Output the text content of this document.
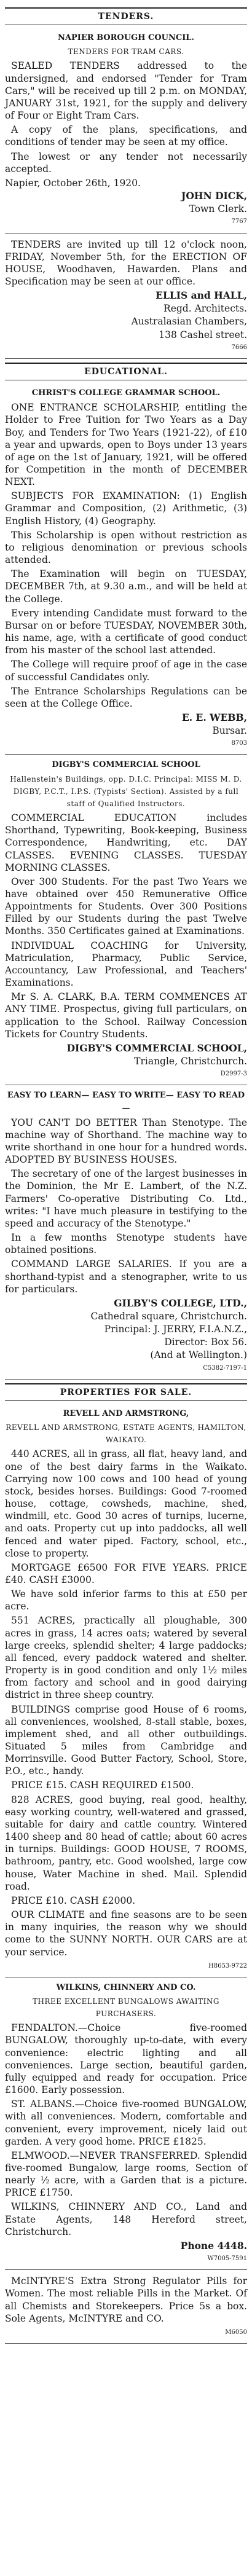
TENDERS.
NAPIER BOROUGH COUNCIL.
TENDERS FOR TRAM CARS.
SEALED TENDERS addressed to the undersigned, and endorsed "Tender for Tram Cars," will be received up till 2 p.m. on MONDAY, JANUARY 31st, 1921, for the supply and delivery of Four or Eight Tram Cars.
A copy of the plans, specifications, and conditions of tender may be seen at my office.
The lowest or any tender not necessarily accepted.
Napier, October 26th, 1920.
JOHN DICK,
Town Clerk.
7767
TENDERS are invited up till 12 o'clock noon, FRIDAY, November 5th, for the ERECTION OF HOUSE, Woodhaven, Hawarden. Plans and Specification may be seen at our office.
ELLIS and HALL,
Regd. Architects.
Australasian Chambers,
138 Cashel street.
7666
EDUCATIONAL.
CHRIST'S COLLEGE GRAMMAR SCHOOL.
ONE ENTRANCE SCHOLARSHIP, entitling the Holder to Free Tuition for Two Years as a Day Boy, and Tenders for Two Years (1921-22), of £10 a year and upwards, open to Boys under 13 years of age on the 1st of January, 1921, will be offered for Competition in the month of DECEMBER NEXT.
SUBJECTS FOR EXAMINATION: (1) English Grammar and Composition, (2) Arithmetic, (3) English History, (4) Geography.
This Scholarship is open without restriction as to religious denomination or previous schools attended.
The Examination will begin on TUESDAY, DECEMBER 7th, at 9.30 a.m., and will be held at the College.
Every intending Candidate must forward to the Bursar on or before TUESDAY, NOVEMBER 30th, his name, age, with a certificate of good conduct from his master of the school last attended.
The College will require proof of age in the case of successful Candidates only.
The Entrance Scholarships Regulations can be seen at the College Office.
E. E. WEBB,
Bursar.
8703
DIGBY'S COMMERCIAL SCHOOL
Hallenstein's Buildings, opp. D.I.C. Principal: MISS M. D. DIGBY, P.C.T., I.P.S. (Typists' Section). Assisted by a full staff of Qualified Instructors.
COMMERCIAL EDUCATION includes Shorthand, Typewriting, Book-keeping, Business Correspondence, Handwriting, etc. DAY CLASSES. EVENING CLASSES. TUESDAY MORNING CLASSES.
Over 300 Students. For the past Two Years we have obtained over 450 Remunerative Office Appointments for Students. Over 300 Positions Filled by our Students during the past Twelve Months. 350 Certificates gained at Examinations.
INDIVIDUAL COACHING for University, Matriculation, Pharmacy, Public Service, Accountancy, Law Professional, and Teachers' Examinations.
Mr S. A. CLARK, B.A. TERM COMMENCES AT ANY TIME. Prospectus, giving full particulars, on application to the School. Railway Concession Tickets for Country Students.
DIGBY'S COMMERCIAL SCHOOL,
Triangle, Christchurch.
D2997-3
EASY TO LEARN— EASY TO WRITE— EASY TO READ—
YOU CAN'T DO BETTER Than Stenotype. The machine way of Shorthand. The machine way to write shorthand in one hour for a hundred words. ADOPTED BY BUSINESS HOUSES.
The secretary of one of the largest businesses in the Dominion, the Mr E. Lambert, of the N.Z. Farmers' Co-operative Distributing Co. Ltd., writes: "I have much pleasure in testifying to the speed and accuracy of the Stenotype."
In a few months Stenotype students have obtained positions.
COMMAND LARGE SALARIES. If you are a shorthand-typist and a stenographer, write to us for particulars.
GILBY'S COLLEGE, LTD.,
Cathedral square, Christchurch.
Principal: J. JERRY, F.I.A.N.Z.,
Director: Box 56.
(And at Wellington.)
C5382-7197-1
PROPERTIES FOR SALE.
REVELL AND ARMSTRONG,
REVELL AND ARMSTRONG, ESTATE AGENTS, HAMILTON, WAIKATO.
440 ACRES, all in grass, all flat, heavy land, and one of the best dairy farms in the Waikato. Carrying now 100 cows and 100 head of young stock, besides horses. Buildings: Good 7-roomed house, cottage, cowsheds, machine, shed, windmill, etc. Good 30 acres of turnips, lucerne, and oats. Property cut up into paddocks, all well fenced and water piped. Factory, school, etc., close to property.
MORTGAGE £6500 FOR FIVE YEARS. PRICE £40. CASH £3000.
We have sold inferior farms to this at £50 per acre.
551 ACRES, practically all ploughable, 300 acres in grass, 14 acres oats; watered by several large creeks, splendid shelter; 4 large paddocks; all fenced, every paddock watered and shelter. Property is in good condition and only 1½ miles from factory and school and in good dairying district in three sheep country.
BUILDINGS comprise good House of 6 rooms, all conveniences, woolshed, 8-stall stable, boxes, implement shed, and all other outbuildings. Situated 5 miles from Cambridge and Morrinsville. Good Butter Factory, School, Store, P.O., etc., handy.
PRICE £15. CASH REQUIRED £1500.
828 ACRES, good buying, real good, healthy, easy working country, well-watered and grassed, suitable for dairy and cattle country. Wintered 1400 sheep and 80 head of cattle; about 60 acres in turnips. Buildings: GOOD HOUSE, 7 ROOMS, bathroom, pantry, etc. Good woolshed, large cow house, Water Machine in shed. Mail. Splendid road.
PRICE £10. CASH £2000.
OUR CLIMATE and fine seasons are to be seen in many inquiries, the reason why we should come to the SUNNY NORTH. OUR CARS are at your service.
H8653-9722
WILKINS, CHINNERY AND CO.
THREE EXCELLENT BUNGALOWS AWAITING PURCHASERS.
FENDALTON.—Choice five-roomed BUNGALOW, thoroughly up-to-date, with every convenience: electric lighting and all conveniences. Large section, beautiful garden, fully equipped and ready for occupation. Price £1600. Early possession.
ST. ALBANS.—Choice five-roomed BUNGALOW, with all conveniences. Modern, comfortable and convenient, every improvement, nicely laid out garden. A very good home. PRICE £1825.
ELMWOOD.—NEVER TRANSFERRED. Splendid five-roomed Bungalow, large rooms, Section of nearly ½ acre, with a Garden that is a picture. PRICE £1750.
WILKINS, CHINNERY AND CO., Land and Estate Agents, 148 Hereford street, Christchurch.
Phone 4448.
W7005-7591
McINTYRE'S Extra Strong Regulator Pills for Women. The most reliable Pills in the Market. Of all Chemists and Storekeepers. Price 5s a box. Sole Agents, McINTYRE and CO.
M6050
